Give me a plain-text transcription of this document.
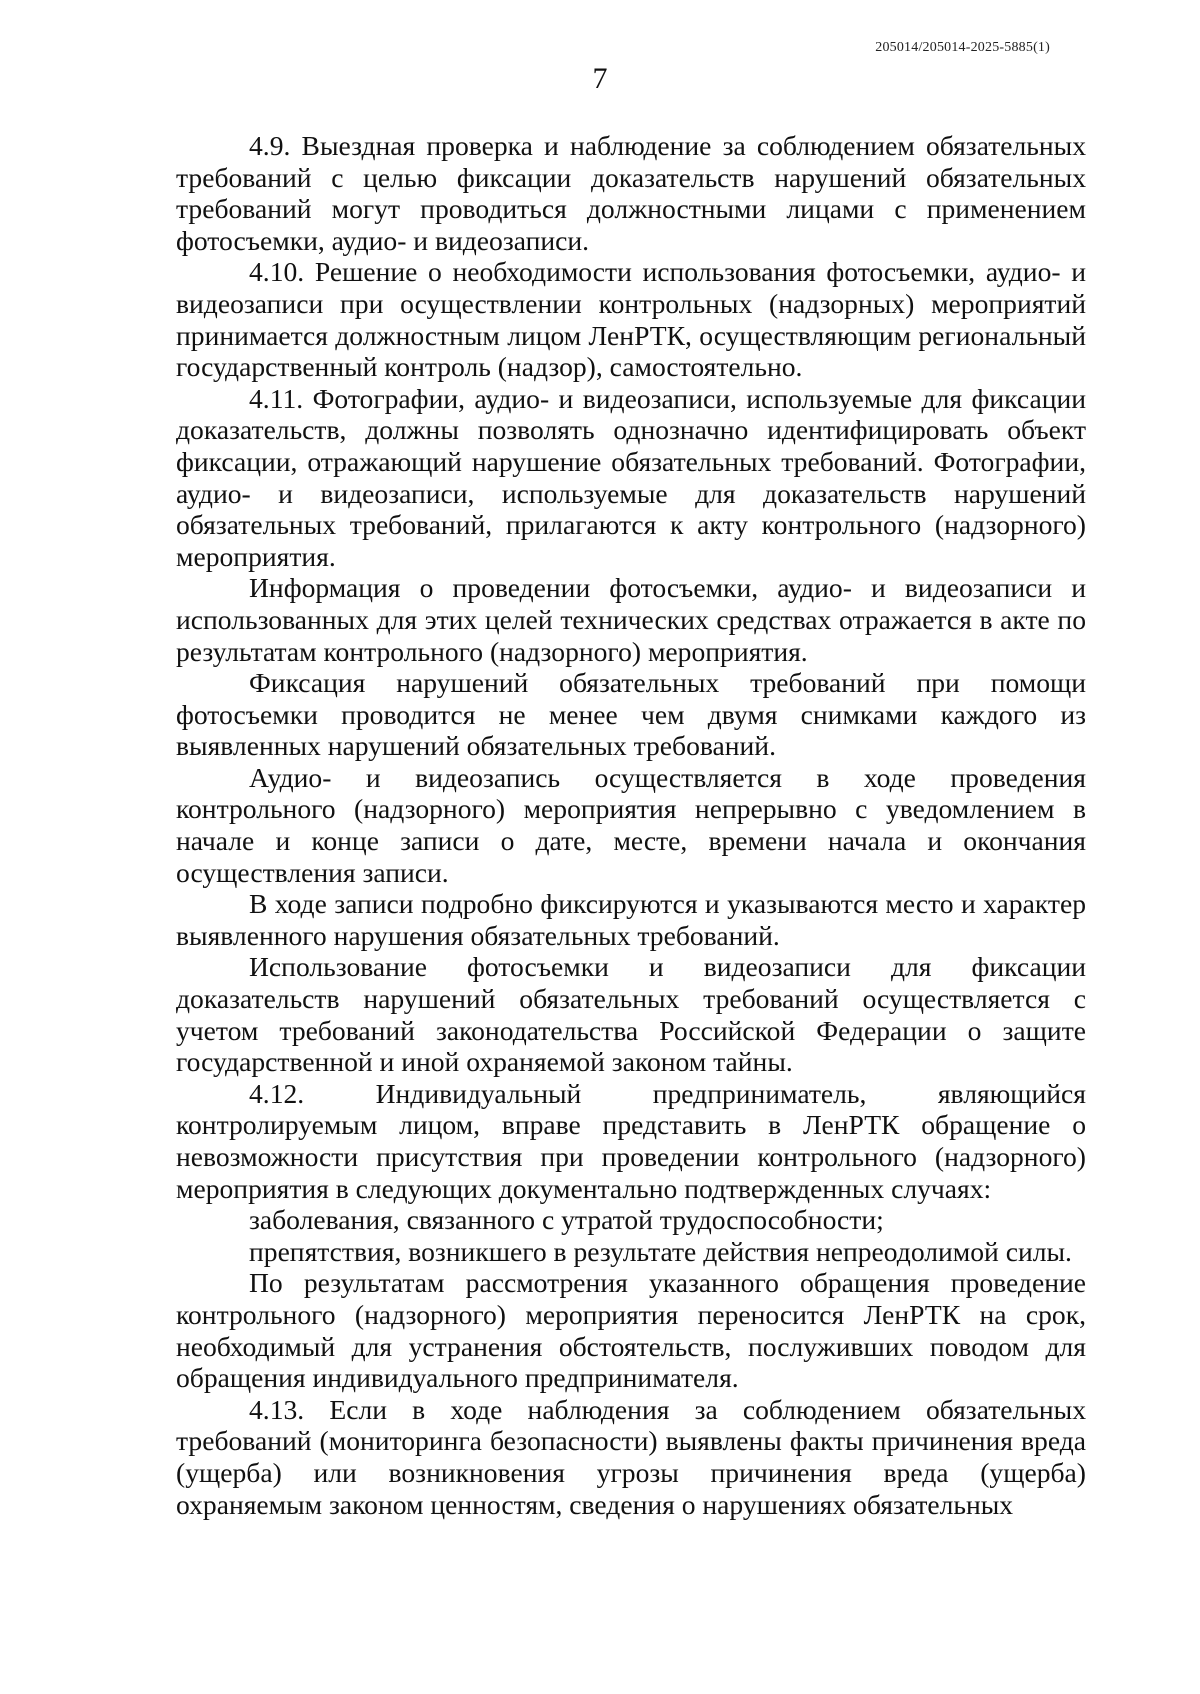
205014/205014-2025-5885(1)
7

4.9. Выездная проверка и наблюдение за соблюдением обязательных требований с целью фиксации доказательств нарушений обязательных требований могут проводиться должностными лицами с применением фотосъемки, аудио- и видеозаписи.

4.10. Решение о необходимости использования фотосъемки, аудио- и видеозаписи при осуществлении контрольных (надзорных) мероприятий принимается должностным лицом ЛенРТК, осуществляющим региональный государственный контроль (надзор), самостоятельно.

4.11. Фотографии, аудио- и видеозаписи, используемые для фиксации доказательств, должны позволять однозначно идентифицировать объект фиксации, отражающий нарушение обязательных требований. Фотографии, аудио- и видеозаписи, используемые для доказательств нарушений обязательных требований, прилагаются к акту контрольного (надзорного) мероприятия.

Информация о проведении фотосъемки, аудио- и видеозаписи и использованных для этих целей технических средствах отражается в акте по результатам контрольного (надзорного) мероприятия.

Фиксация нарушений обязательных требований при помощи фотосъемки проводится не менее чем двумя снимками каждого из выявленных нарушений обязательных требований.

Аудио- и видеозапись осуществляется в ходе проведения контрольного (надзорного) мероприятия непрерывно с уведомлением в начале и конце записи о дате, месте, времени начала и окончания осуществления записи.

В ходе записи подробно фиксируются и указываются место и характер выявленного нарушения обязательных требований.

Использование фотосъемки и видеозаписи для фиксации доказательств нарушений обязательных требований осуществляется с учетом требований законодательства Российской Федерации о защите государственной и иной охраняемой законом тайны.

4.12. Индивидуальный предприниматель, являющийся контролируемым лицом, вправе представить в ЛенРТК обращение о невозможности присутствия при проведении контрольного (надзорного) мероприятия в следующих документально подтвержденных случаях:

заболевания, связанного с утратой трудоспособности;

препятствия, возникшего в результате действия непреодолимой силы.

По результатам рассмотрения указанного обращения проведение контрольного (надзорного) мероприятия переносится ЛенРТК на срок, необходимый для устранения обстоятельств, послуживших поводом для обращения индивидуального предпринимателя.

4.13. Если в ходе наблюдения за соблюдением обязательных требований (мониторинга безопасности) выявлены факты причинения вреда (ущерба) или возникновения угрозы причинения вреда (ущерба) охраняемым законом ценностям, сведения о нарушениях обязательных
